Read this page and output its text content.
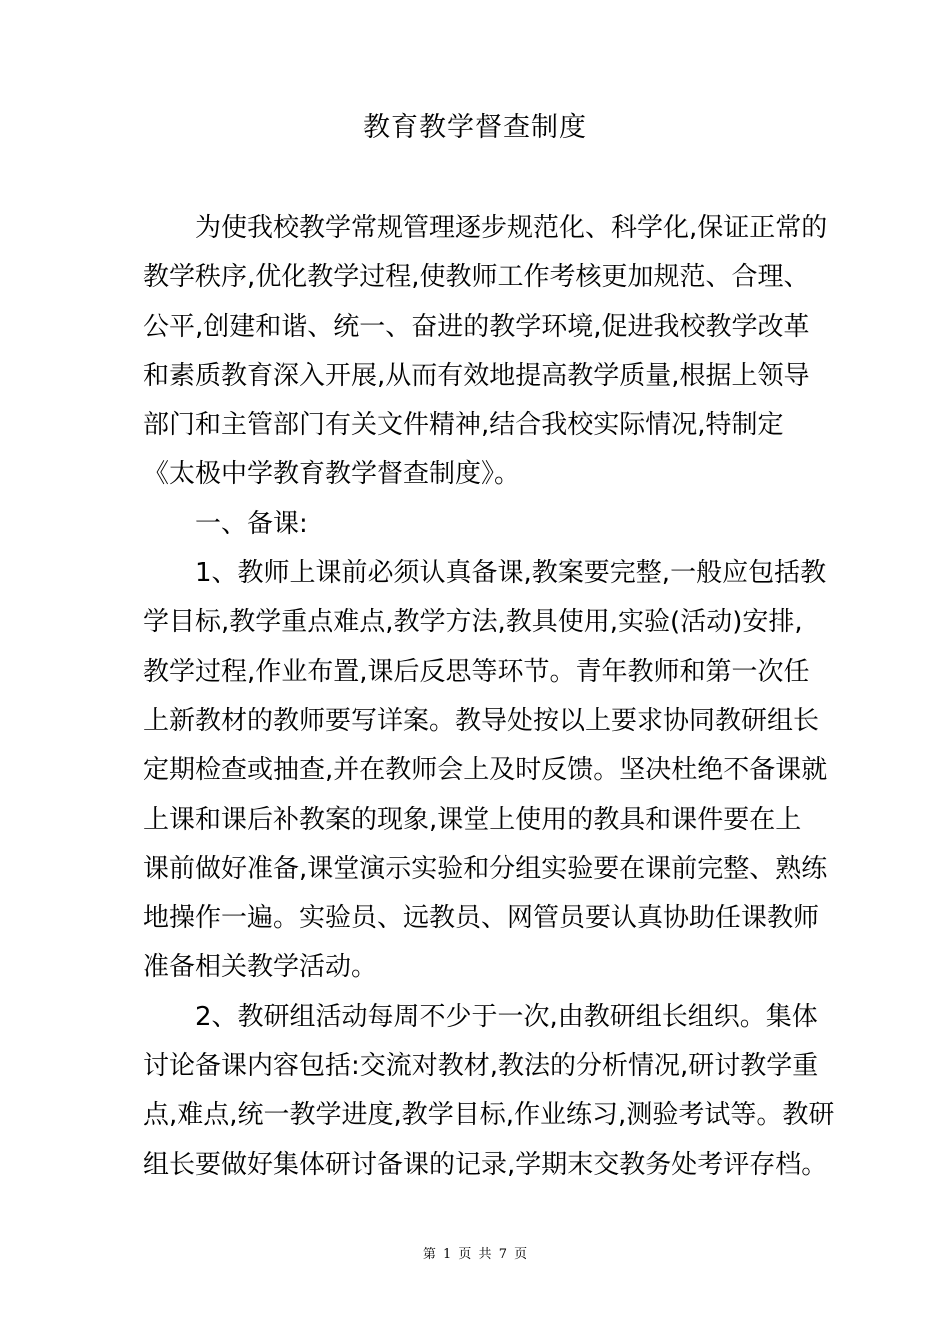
教育教学督查制度
为使我校教学常规管理逐步规范化、科学化,保证正常的
教学秩序,优化教学过程,使教师工作考核更加规范、合理、
公平,创建和谐、统一、奋进的教学环境,促进我校教学改革
和素质教育深入开展,从而有效地提高教学质量,根据上领导
部门和主管部门有关文件精神,结合我校实际情况,特制定
《太极中学教育教学督查制度》。
一、备课:
1、教师上课前必须认真备课,教案要完整,一般应包括教
学目标,教学重点难点,教学方法,教具使用,实验(活动)安排,
教学过程,作业布置,课后反思等环节。青年教师和第一次任
上新教材的教师要写详案。教导处按以上要求协同教研组长
定期检查或抽查,并在教师会上及时反馈。坚决杜绝不备课就
上课和课后补教案的现象,课堂上使用的教具和课件要在上
课前做好准备,课堂演示实验和分组实验要在课前完整、熟练
地操作一遍。实验员、远教员、网管员要认真协助任课教师
准备相关教学活动。
2、教研组活动每周不少于一次,由教研组长组织。集体
讨论备课内容包括:交流对教材,教法的分析情况,研讨教学重
点,难点,统一教学进度,教学目标,作业练习,测验考试等。教研
组长要做好集体研讨备课的记录,学期末交教务处考评存档。
第 1 页 共 7 页
